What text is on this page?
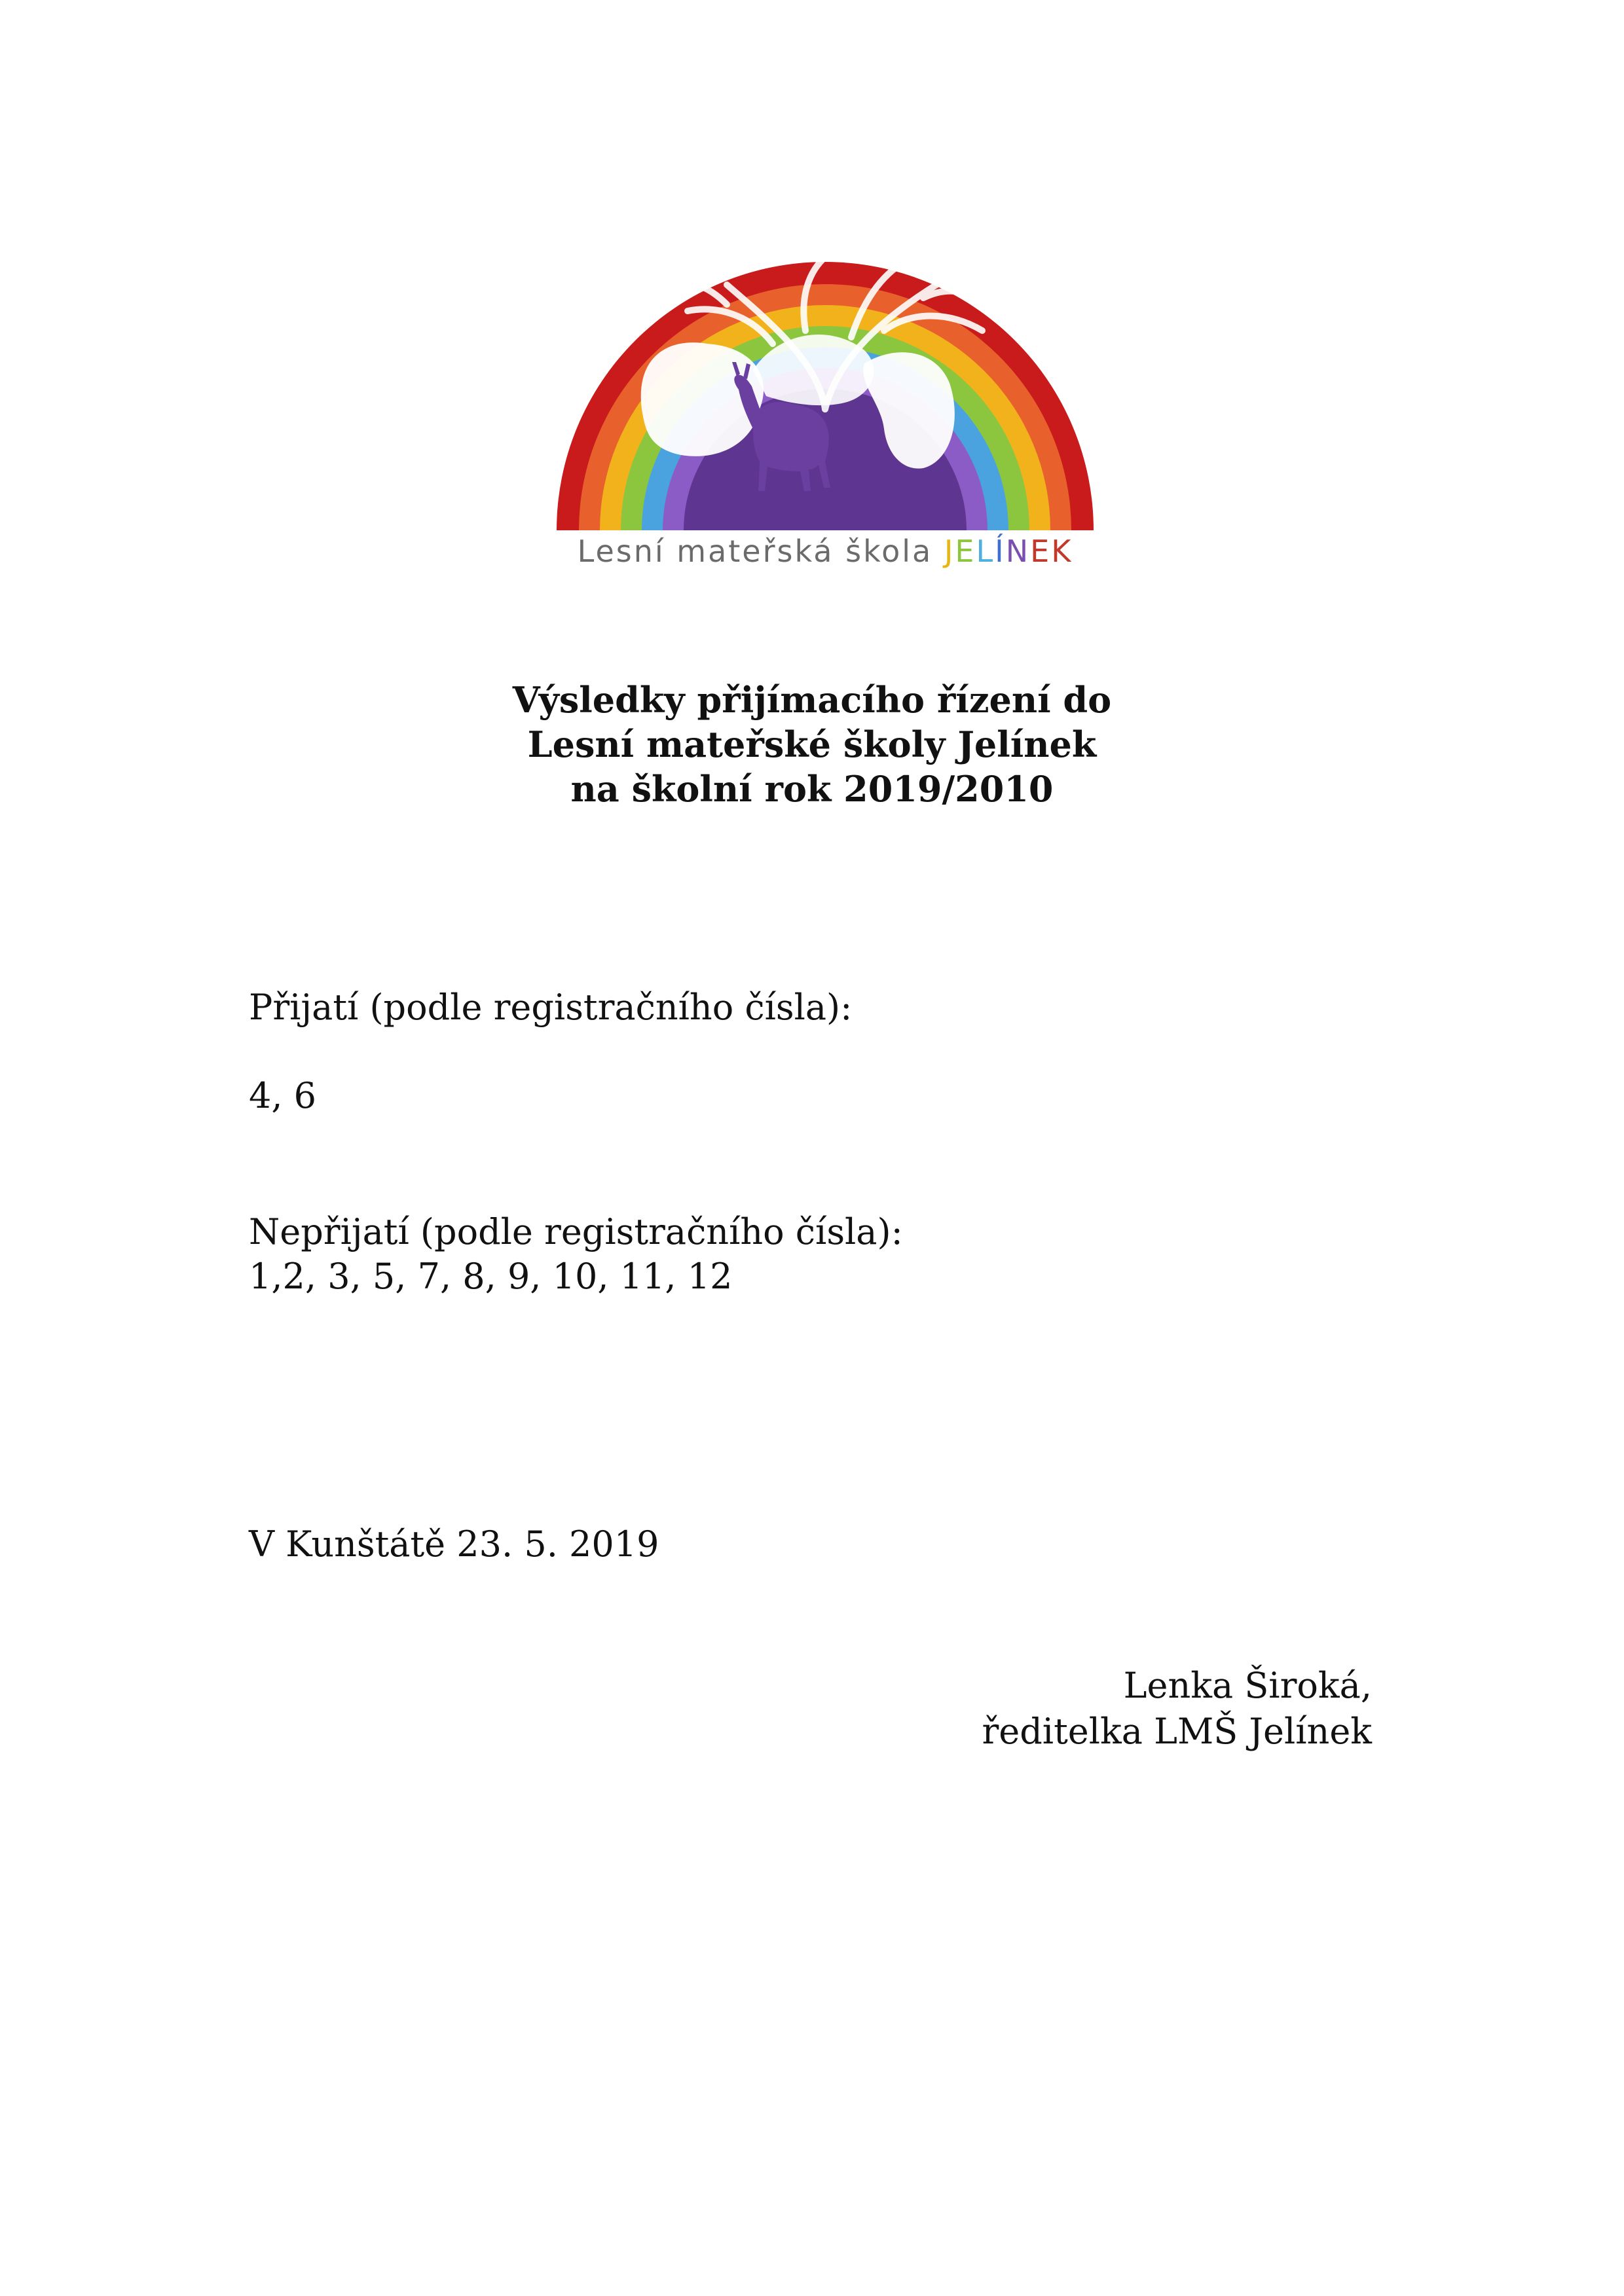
Lesní mateřská škola JELÍNEK
Výsledky přijímacího řízení do
Lesní mateřské školy Jelínek
na školní rok 2019/2010
Přijatí (podle registračního čísla):
4, 6
Nepřijatí (podle registračního čísla):
1,2, 3, 5, 7, 8, 9, 10, 11, 12
V Kunštátě 23. 5. 2019
Lenka Široká,
ředitelka LMŠ Jelínek
